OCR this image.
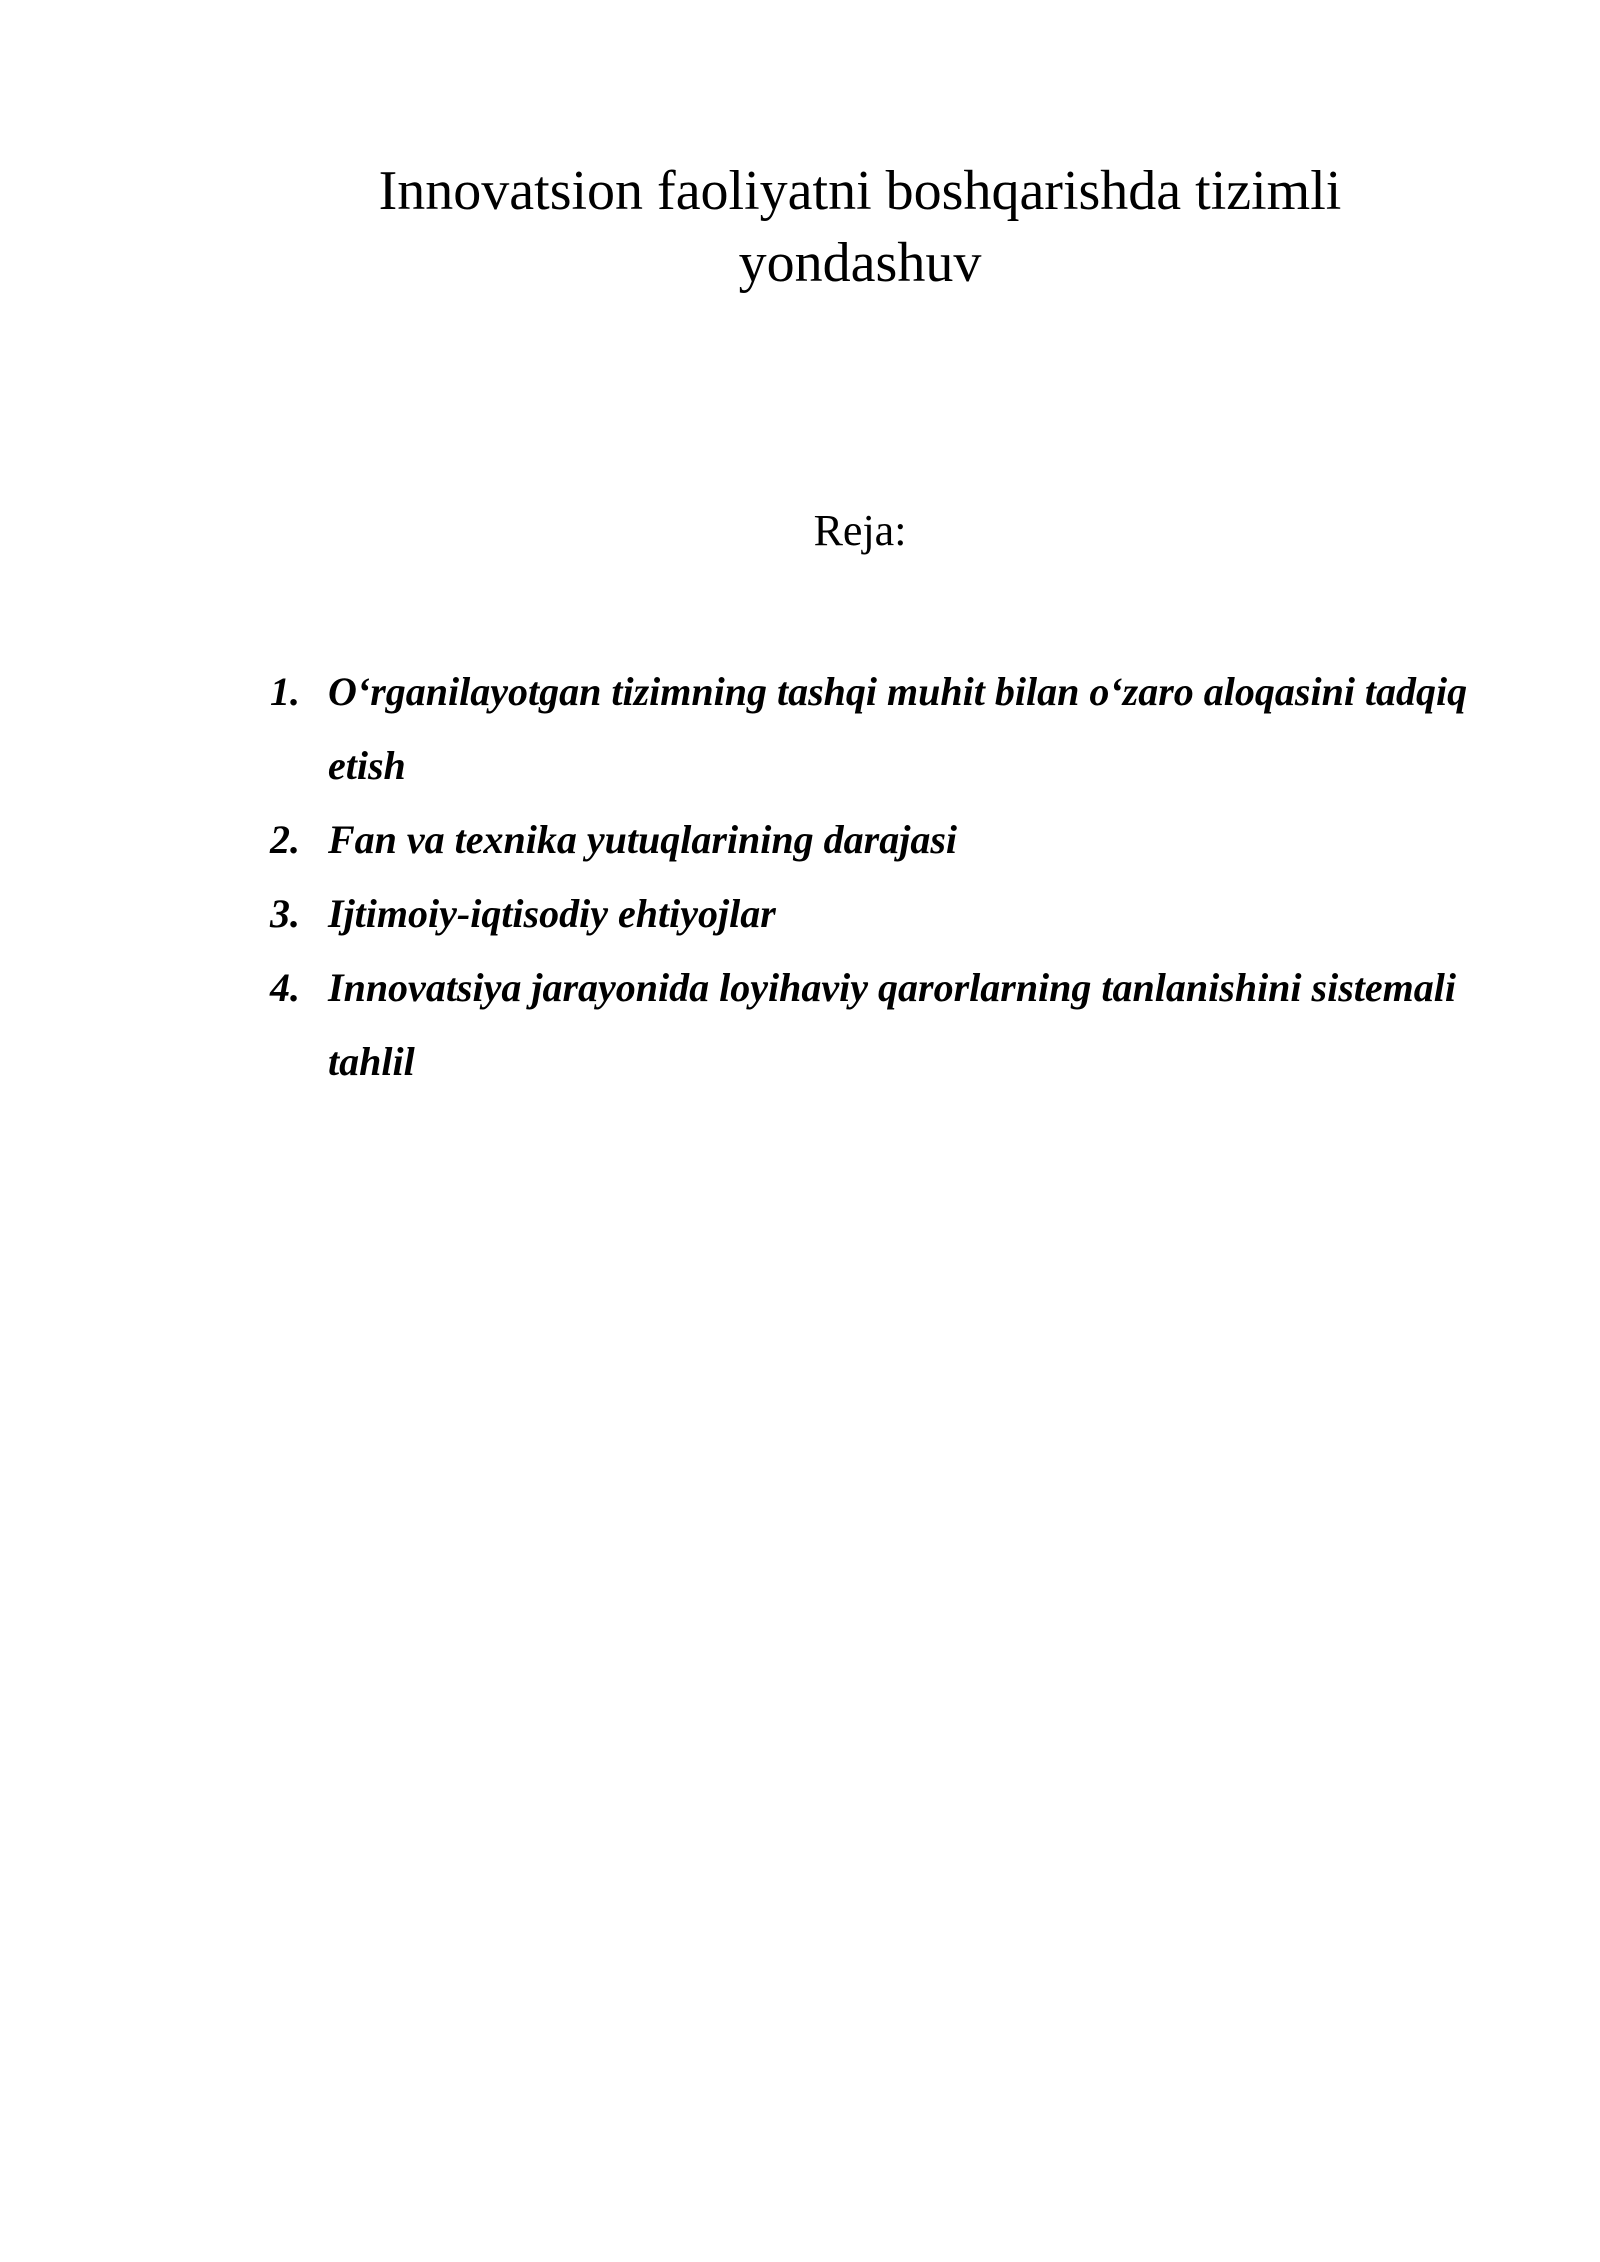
Innovatsion faoliyatni boshqarishda tizimli
yondashuv

Reja:

1. O‘rganilayotgan tizimning tashqi muhit bilan o‘zaro aloqasini tadqiq etish
2. Fan va texnika yutuqlarining darajasi
3. Ijtimoiy-iqtisodiy ehtiyojlar
4. Innovatsiya jarayonida loyihaviy qarorlarning tanlanishini sistemali tahlil
